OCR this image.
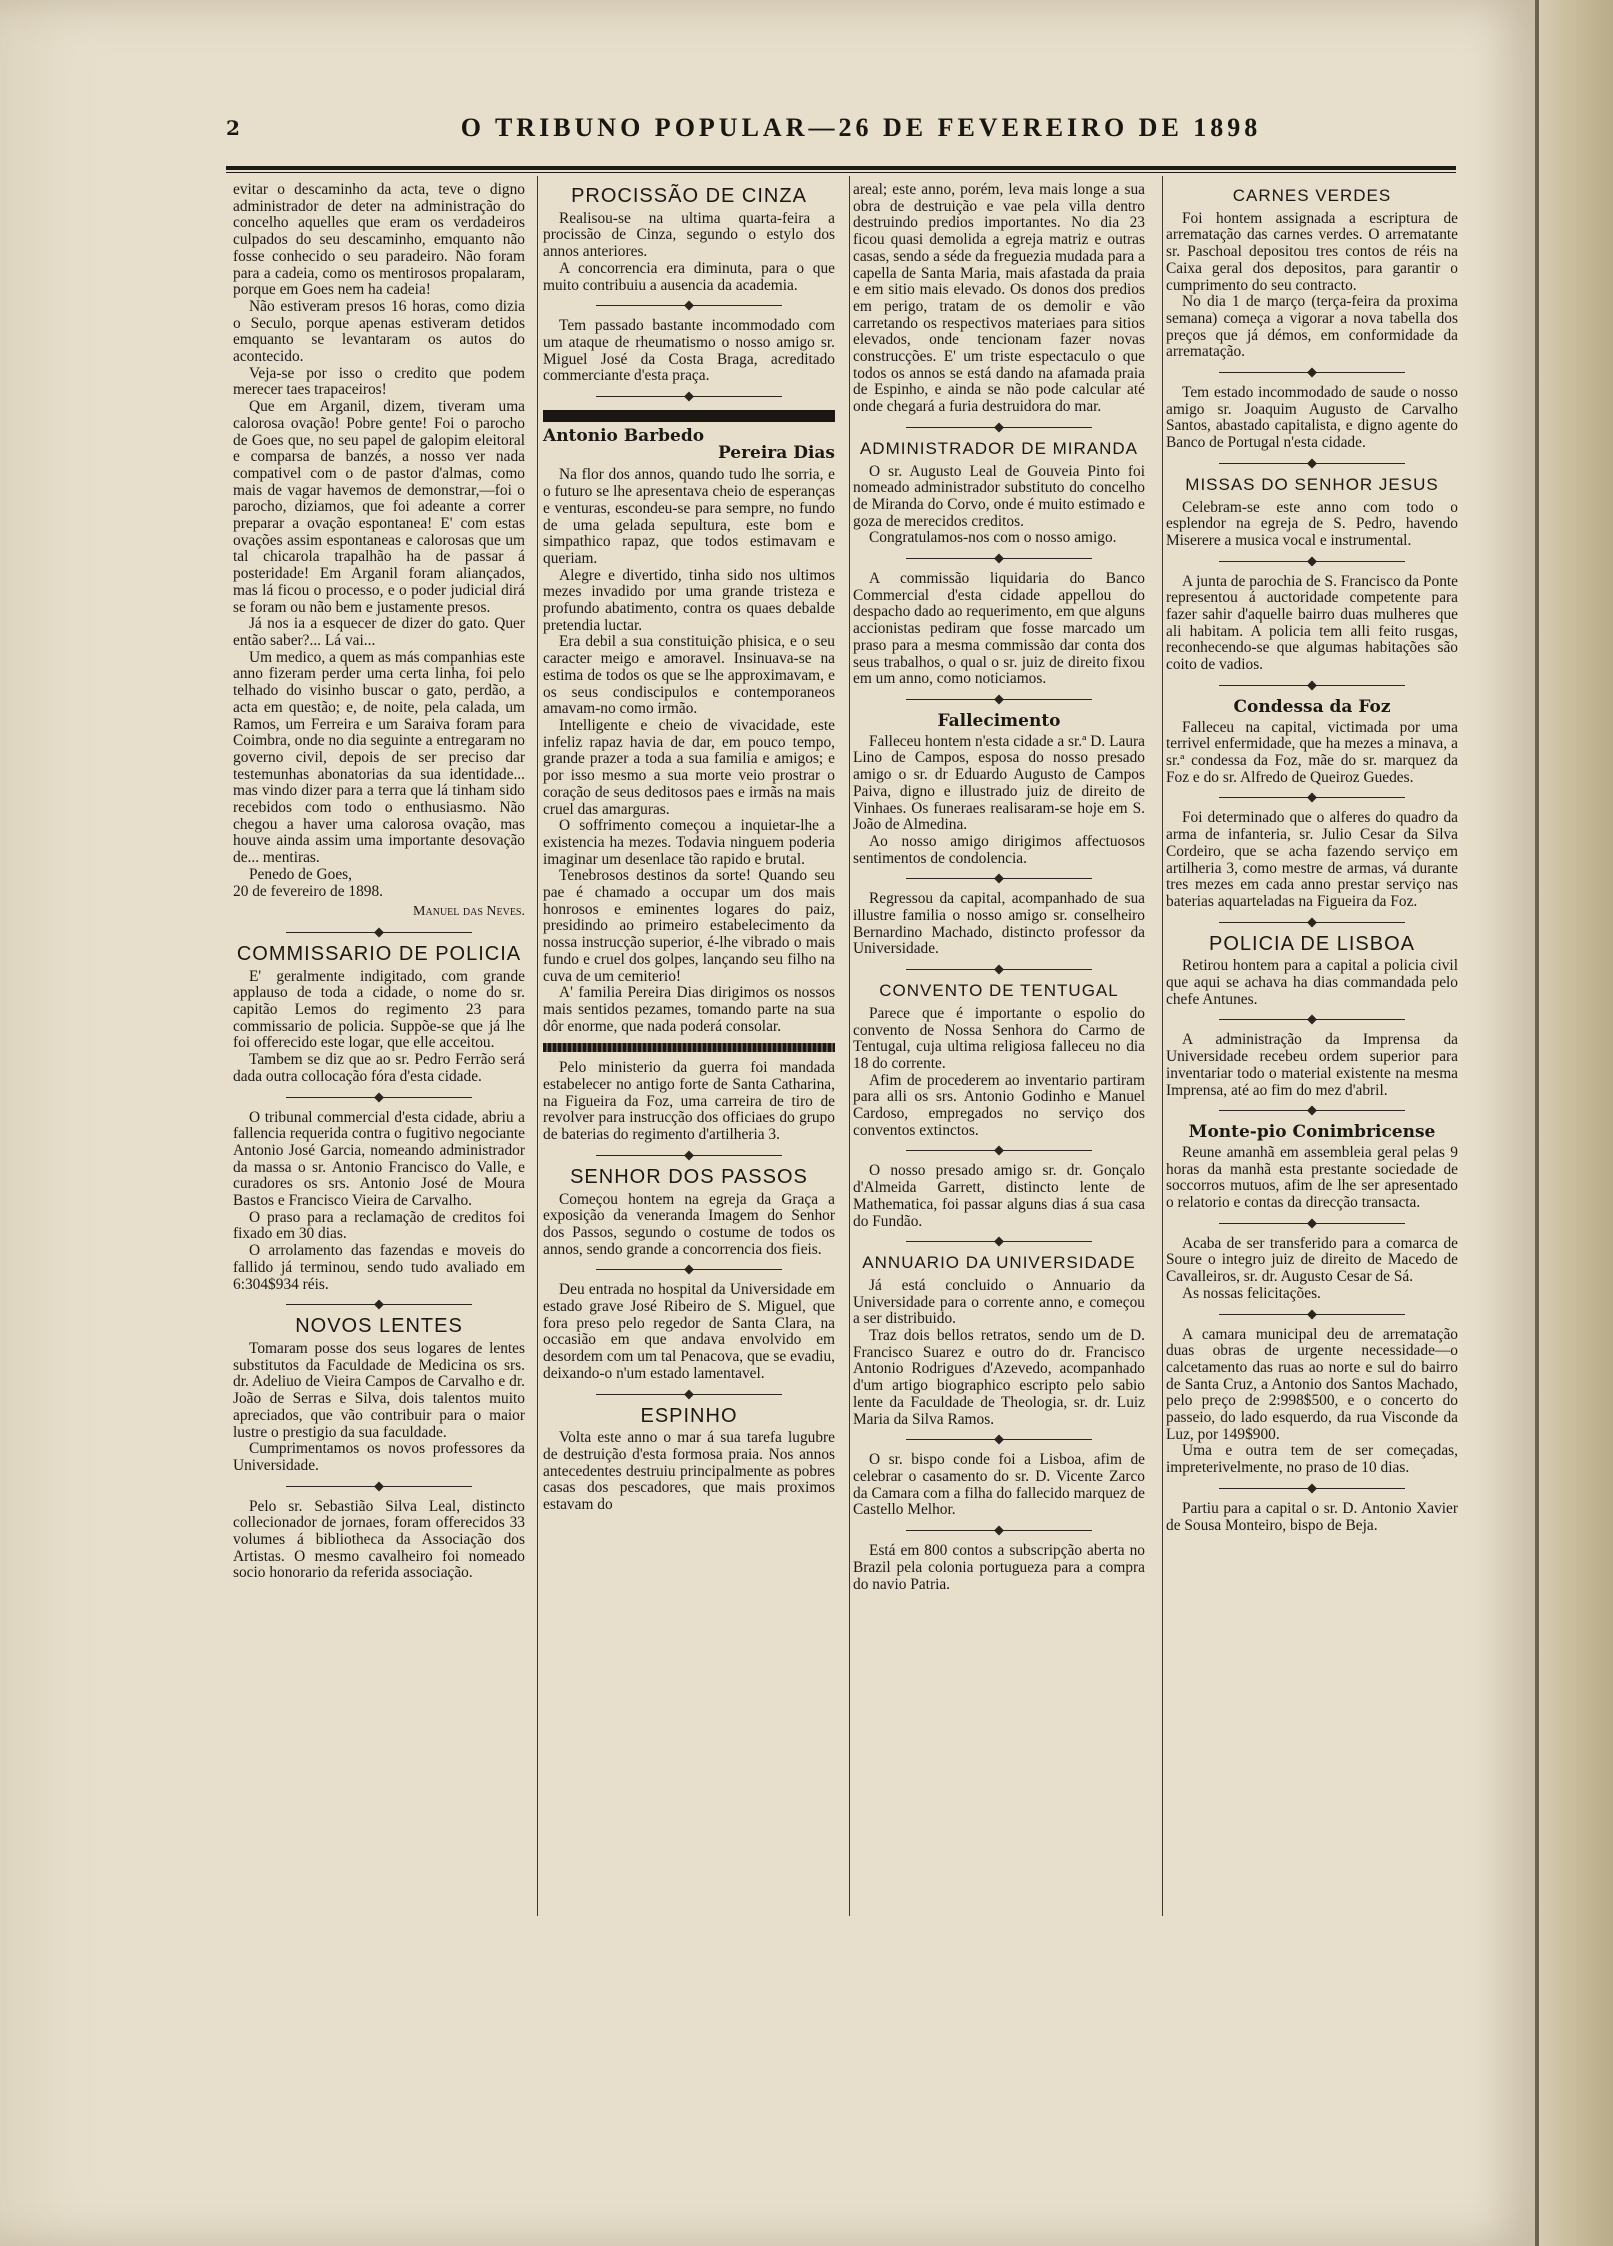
2	O TRIBUNO POPULAR—26 DE FEVEREIRO DE 1898

evitar o descaminho da acta, teve o digno administrador de deter na administração do concelho aquelles que eram os verdadeiros culpados do seu descaminho, emquanto não fosse conhecido o seu paradeiro. Não foram para a cadeia, como os mentirosos propalaram, porque em Goes nem ha cadeia!

Não estiveram presos 16 horas, como dizia o Seculo, porque apenas estiveram detidos emquanto se levantaram os autos do acontecido.

Veja-se por isso o credito que podem merecer taes trapaceiros!

Que em Arganil, dizem, tiveram uma calorosa ovação! Pobre gente! Foi o parocho de Goes que, no seu papel de galopim eleitoral e comparsa de banzés, a nosso ver nada compativel com o de pastor d'almas, como mais de vagar havemos de demonstrar,—foi o parocho, diziamos, que foi adeante a correr preparar a ovação espontanea! E' com estas ovações assim espontaneas e calorosas que um tal chicarola trapalhão ha de passar á posteridade! Em Arganil foram aliançados, mas lá ficou o processo, e o poder judicial dirá se foram ou não bem e justamente presos.

Já nos ia a esquecer de dizer do gato. Quer então saber?... Lá vai...

Um medico, a quem as más companhias este anno fizeram perder uma certa linha, foi pelo telhado do visinho buscar o gato, perdão, a acta em questão; e, de noite, pela calada, um Ramos, um Ferreira e um Saraiva foram para Coimbra, onde no dia seguinte a entregaram no governo civil, depois de ser preciso dar testemunhas abonatorias da sua identidade... mas vindo dizer para a terra que lá tinham sido recebidos com todo o enthusiasmo. Não chegou a haver uma calorosa ovação, mas houve ainda assim uma importante desovação de... mentiras.

Penedo de Goes,

20 de fevereiro de 1898.

Manuel das Neves.
COMMISSARIO DE POLICIA

E' geralmente indigitado, com grande applauso de toda a cidade, o nome do sr. capitão Lemos do regimento 23 para commissario de policia. Suppõe-se que já lhe foi offerecido este logar, que elle acceitou.

Tambem se diz que ao sr. Pedro Ferrão será dada outra collocação fóra d'esta cidade.

O tribunal commercial d'esta cidade, abriu a fallencia requerida contra o fugitivo negociante Antonio José Garcia, nomeando administrador da massa o sr. Antonio Francisco do Valle, e curadores os srs. Antonio José de Moura Bastos e Francisco Vieira de Carvalho.

O praso para a reclamação de creditos foi fixado em 30 dias.

O arrolamento das fazendas e moveis do fallido já terminou, sendo tudo avaliado em 6:304$934 réis.

NOVOS LENTES

Tomaram posse dos seus logares de lentes substitutos da Faculdade de Medicina os srs. dr. Adeliuo de Vieira Campos de Carvalho e dr. João de Serras e Silva, dois talentos muito apreciados, que vão contribuir para o maior lustre o prestigio da sua faculdade.

Cumprimentamos os novos professores da Universidade.

Pelo sr. Sebastião Silva Leal, distincto collecionador de jornaes, foram offerecidos 33 volumes á bibliotheca da Associação dos Artistas. O mesmo cavalheiro foi nomeado socio honorario da referida associação.

PROCISSÃO DE CINZA

Realisou-se na ultima quarta-feira a procissão de Cinza, segundo o estylo dos annos anteriores.

A concorrencia era diminuta, para o que muito contribuiu a ausencia da academia.

Tem passado bastante incommodado com um ataque de rheumatismo o nosso amigo sr. Miguel José da Costa Braga, acreditado commerciante d'esta praça.

Antonio Barbedo
Pereira Dias

Na flor dos annos, quando tudo lhe sorria, e o futuro se lhe apresentava cheio de esperanças e venturas, escondeu-se para sempre, no fundo de uma gelada sepultura, este bom e simpathico rapaz, que todos estimavam e queriam.

Alegre e divertido, tinha sido nos ultimos mezes invadido por uma grande tristeza e profundo abatimento, contra os quaes debalde pretendia luctar.

Era debil a sua constituição phisica, e o seu caracter meigo e amoravel. Insinuava-se na estima de todos os que se lhe approximavam, e os seus condiscipulos e contemporaneos amavam-no como irmão.

Intelligente e cheio de vivacidade, este infeliz rapaz havia de dar, em pouco tempo, grande prazer a toda a sua familia e amigos; e por isso mesmo a sua morte veio prostrar o coração de seus deditosos paes e irmãs na mais cruel das amarguras.

O soffrimento começou a inquietar-lhe a existencia ha mezes. Todavia ninguem poderia imaginar um desenlace tão rapido e brutal.

Tenebrosos destinos da sorte! Quando seu pae é chamado a occupar um dos mais honrosos e eminentes logares do paiz, presidindo ao primeiro estabelecimento da nossa instrucção superior, é-lhe vibrado o mais fundo e cruel dos golpes, lançando seu filho na cuva de um cemiterio!

A' familia Pereira Dias dirigimos os nossos mais sentidos pezames, tomando parte na sua dôr enorme, que nada poderá consolar.

Pelo ministerio da guerra foi mandada estabelecer no antigo forte de Santa Catharina, na Figueira da Foz, uma carreira de tiro de revolver para instrucção dos officiaes do grupo de baterias do regimento d'artilheria 3.

SENHOR DOS PASSOS

Começou hontem na egreja da Graça a exposição da veneranda Imagem do Senhor dos Passos, segundo o costume de todos os annos, sendo grande a concorrencia dos fieis.

Deu entrada no hospital da Universidade em estado grave José Ribeiro de S. Miguel, que fora preso pelo regedor de Santa Clara, na occasião em que andava envolvido em desordem com um tal Penacova, que se evadiu, deixando-o n'um estado lamentavel.

ESPINHO

Volta este anno o mar á sua tarefa lugubre de destruição d'esta formosa praia. Nos annos antecedentes destruiu principalmente as pobres casas dos pescadores, que mais proximos estavam do

areal; este anno, porém, leva mais longe a sua obra de destruição e vae pela villa dentro destruindo predios importantes. No dia 23 ficou quasi demolida a egreja matriz e outras casas, sendo a séde da freguezia mudada para a capella de Santa Maria, mais afastada da praia e em sitio mais elevado. Os donos dos predios em perigo, tratam de os demolir e vão carretando os respectivos materiaes para sitios elevados, onde tencionam fazer novas construcções. E' um triste espectaculo o que todos os annos se está dando na afamada praia de Espinho, e ainda se não pode calcular até onde chegará a furia destruidora do mar.

ADMINISTRADOR DE MIRANDA

O sr. Augusto Leal de Gouveia Pinto foi nomeado administrador substituto do concelho de Miranda do Corvo, onde é muito estimado e goza de merecidos creditos.

Congratulamos-nos com o nosso amigo.

A commissão liquidaria do Banco Commercial d'esta cidade appellou do despacho dado ao requerimento, em que alguns accionistas pediram que fosse marcado um praso para a mesma commissão dar conta dos seus trabalhos, o qual o sr. juiz de direito fixou em um anno, como noticiamos.

Fallecimento

Falleceu hontem n'esta cidade a sr.ª D. Laura Lino de Campos, esposa do nosso presado amigo o sr. dr Eduardo Augusto de Campos Paiva, digno e illustrado juiz de direito de Vinhaes. Os funeraes realisaram-se hoje em S. João de Almedina.

Ao nosso amigo dirigimos affectuosos sentimentos de condolencia.

Regressou da capital, acompanhado de sua illustre familia o nosso amigo sr. conselheiro Bernardino Machado, distincto professor da Universidade.

CONVENTO DE TENTUGAL

Parece que é importante o espolio do convento de Nossa Senhora do Carmo de Tentugal, cuja ultima religiosa falleceu no dia 18 do corrente.

Afim de procederem ao inventario partiram para alli os srs. Antonio Godinho e Manuel Cardoso, empregados no serviço dos conventos extinctos.

O nosso presado amigo sr. dr. Gonçalo d'Almeida Garrett, distincto lente de Mathematica, foi passar alguns dias á sua casa do Fundão.

ANNUARIO DA UNIVERSIDADE

Já está concluido o Annuario da Universidade para o corrente anno, e começou a ser distribuido.

Traz dois bellos retratos, sendo um de D. Francisco Suarez e outro do dr. Francisco Antonio Rodrigues d'Azevedo, acompanhado d'um artigo biographico escripto pelo sabio lente da Faculdade de Theologia, sr. dr. Luiz Maria da Silva Ramos.

O sr. bispo conde foi a Lisboa, afim de celebrar o casamento do sr. D. Vicente Zarco da Camara com a filha do fallecido marquez de Castello Melhor.

Está em 800 contos a subscripção aberta no Brazil pela colonia portugueza para a compra do navio Patria.

CARNES VERDES

Foi hontem assignada a escriptura de arrematação das carnes verdes. O arrematante sr. Paschoal depositou tres contos de réis na Caixa geral dos depositos, para garantir o cumprimento do seu contracto.

No dia 1 de março (terça-feira da proxima semana) começa a vigorar a nova tabella dos preços que já démos, em conformidade da arrematação.

Tem estado incommodado de saude o nosso amigo sr. Joaquim Augusto de Carvalho Santos, abastado capitalista, e digno agente do Banco de Portugal n'esta cidade.

MISSAS DO SENHOR JESUS

Celebram-se este anno com todo o esplendor na egreja de S. Pedro, havendo Miserere a musica vocal e instrumental.

A junta de parochia de S. Francisco da Ponte representou á auctoridade competente para fazer sahir d'aquelle bairro duas mulheres que ali habitam. A policia tem alli feito rusgas, reconhecendo-se que algumas habitações são coito de vadios.

Condessa da Foz

Falleceu na capital, victimada por uma terrivel enfermidade, que ha mezes a minava, a sr.ª condessa da Foz, mãe do sr. marquez da Foz e do sr. Alfredo de Queiroz Guedes.

Foi determinado que o alferes do quadro da arma de infanteria, sr. Julio Cesar da Silva Cordeiro, que se acha fazendo serviço em artilheria 3, como mestre de armas, vá durante tres mezes em cada anno prestar serviço nas baterias aquarteladas na Figueira da Foz.

POLICIA DE LISBOA

Retirou hontem para a capital a policia civil que aqui se achava ha dias commandada pelo chefe Antunes.

A administração da Imprensa da Universidade recebeu ordem superior para inventariar todo o material existente na mesma Imprensa, até ao fim do mez d'abril.

Monte-pio Conimbricense

Reune amanhã em assembleia geral pelas 9 horas da manhã esta prestante sociedade de soccorros mutuos, afim de lhe ser apresentado o relatorio e contas da direcção transacta.

Acaba de ser transferido para a comarca de Soure o integro juiz de direito de Macedo de Cavalleiros, sr. dr. Augusto Cesar de Sá.

As nossas felicitações.

A camara municipal deu de arrematação duas obras de urgente necessidade—o calcetamento das ruas ao norte e sul do bairro de Santa Cruz, a Antonio dos Santos Machado, pelo preço de 2:998$500, e o concerto do passeio, do lado esquerdo, da rua Visconde da Luz, por 149$900.

Uma e outra tem de ser começadas, impreterivelmente, no praso de 10 dias.

Partiu para a capital o sr. D. Antonio Xavier de Sousa Monteiro, bispo de Beja.
